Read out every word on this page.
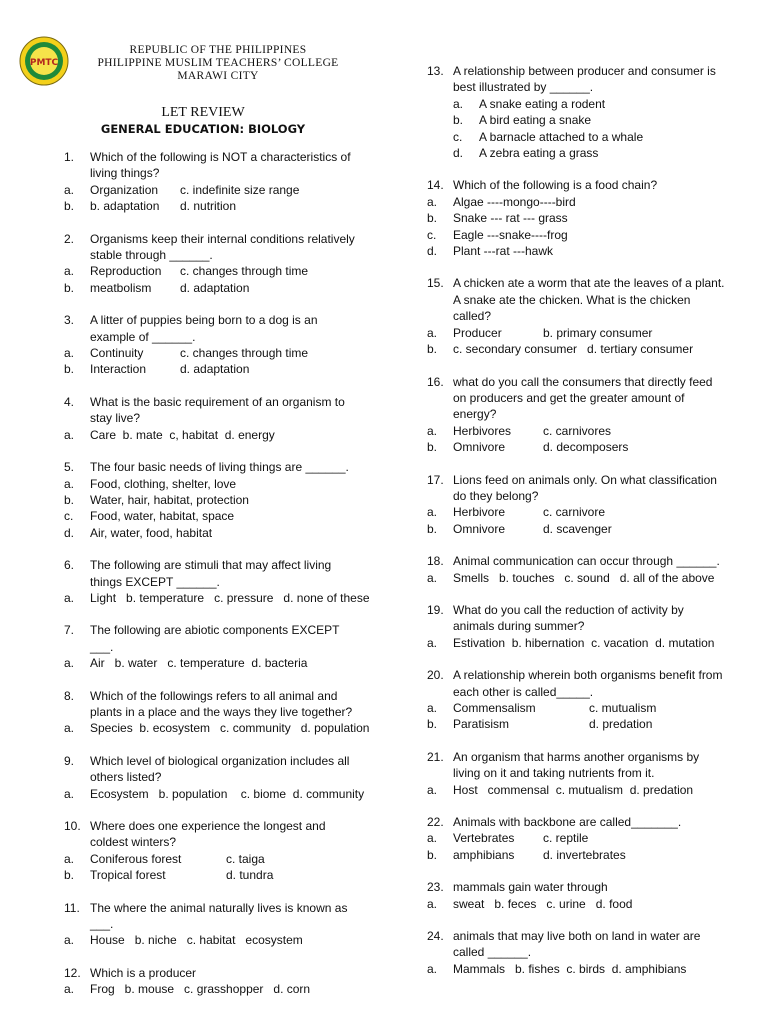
PMTC
REPUBLIC OF THE PHILIPPINES
PHILIPPINE MUSLIM TEACHERS’ COLLEGE
MARAWI CITY
LET REVIEW
GENERAL EDUCATION: BIOLOGY
1.	Which of the following is NOT a characteristics of living things?
a.	Organization	c. indefinite size range
b.	b. adaptation	d. nutrition
2.	Organisms keep their internal conditions relatively stable through ______.
a.	Reproduction	c. changes through time
b.	meatbolism	d. adaptation
3.	A litter of puppies being born to a dog is an example of ______.
a.	Continuity	c. changes through time
b.	Interaction	d. adaptation
4.	What is the basic requirement of an organism to stay live?
a.	Care  b. mate  c, habitat  d. energy
5.	The four basic needs of living things are ______.
a.	Food, clothing, shelter, love
b.	Water, hair, habitat, protection
c.	Food, water, habitat, space
d.	Air, water, food, habitat
6.	The following are stimuli that may affect living things EXCEPT ______.
a.	Light   b. temperature   c. pressure   d. none of these
7.	The following are abiotic components EXCEPT ___.
a.	Air   b. water   c. temperature  d. bacteria
8.	Which of the followings refers to all animal and plants in a place and the ways they live together?
a.	Species  b. ecosystem   c. community   d. population
9.	Which level of biological organization includes all others listed?
a.	Ecosystem   b. population    c. biome  d. community
10. Where does one experience the longest and coldest winters?
a.	Coniferous forest	c. taiga
b.	Tropical forest	d. tundra
11. The where the animal naturally lives is known as ___.
a.	House   b. niche   c. habitat   ecosystem
12. Which is a producer
a.	Frog   b. mouse   c. grasshopper   d. corn
13. A relationship between producer and consumer is best illustrated by ______.
a.	A snake eating a rodent
b.	A bird eating a snake
c.	A barnacle attached to a whale
d.	A zebra eating a grass
14. Which of the following is a food chain?
a.	Algae ----mongo----bird
b.	Snake --- rat --- grass
c.	Eagle ---snake----frog
d.	Plant ---rat ---hawk
15. A chicken ate a worm that ate the leaves of a plant. A snake ate the chicken. What is the chicken called?
a.	Producer	b. primary consumer
b.	c. secondary consumer   d. tertiary consumer
16. what do you call the consumers that directly feed on producers and get the greater amount of energy?
a.	Herbivores	c. carnivores
b.	Omnivore	d. decomposers
17. Lions feed on animals only. On what classification do they belong?
a.	Herbivore	c. carnivore
b.	Omnivore	d. scavenger
18. Animal communication can occur through ______.
a.	Smells   b. touches   c. sound   d. all of the above
19. What do you call the reduction of activity by animals during summer?
a.	Estivation  b. hibernation  c. vacation  d. mutation
20. A relationship wherein both organisms benefit from each other is called_____.
a.	Commensalism	c. mutualism
b.	Paratisism	d. predation
21. An organism that harms another organisms by living on it and taking nutrients from it.
a.	Host   commensal  c. mutualism  d. predation
22. Animals with backbone are called_______.
a.	Vertebrates	c. reptile
b.	amphibians	d. invertebrates
23. mammals gain water through
a.	sweat   b. feces   c. urine   d. food
24. animals that may live both on land in water are called ______.
a.	Mammals   b. fishes  c. birds  d. amphibians
